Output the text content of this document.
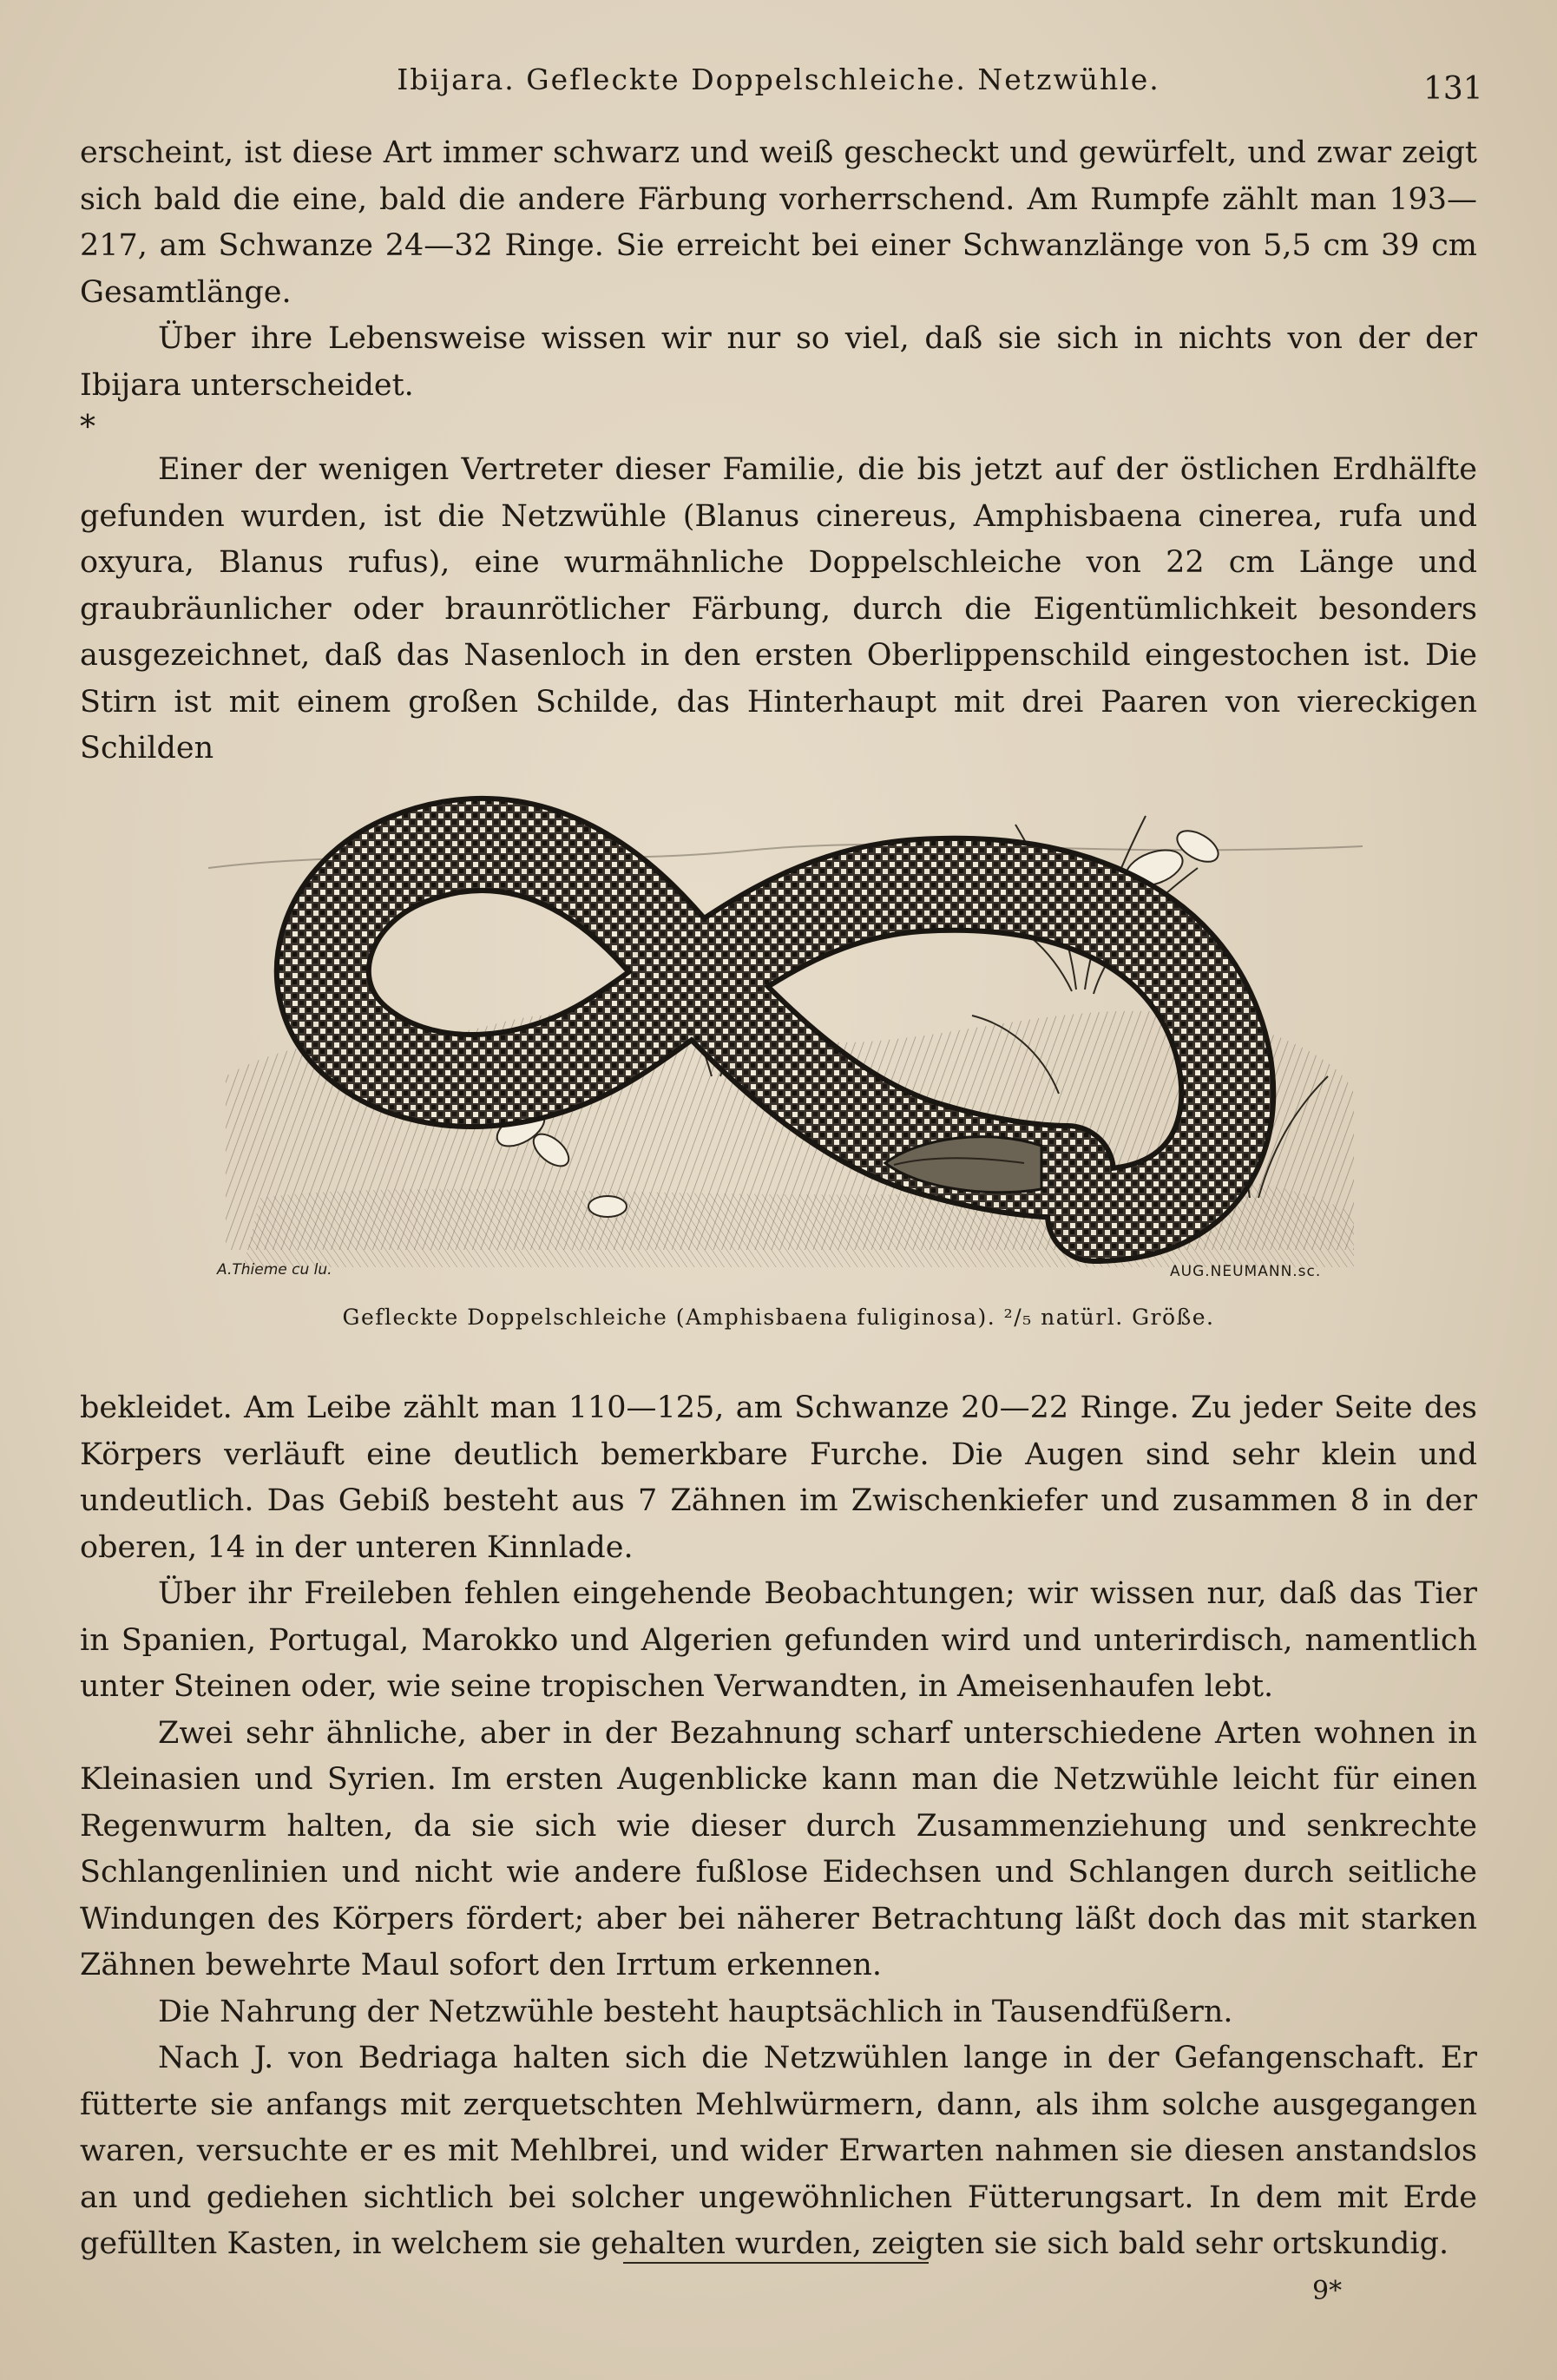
Ibijara. Gefleckte Doppelschleiche. Netzwühle.	131

erscheint, ist diese Art immer schwarz und weiß gescheckt und gewürfelt, und zwar zeigt sich bald die eine, bald die andere Färbung vorherrschend. Am Rumpfe zählt man 193—217, am Schwanze 24—32 Ringe. Sie erreicht bei einer Schwanzlänge von 5,5 cm 39 cm Gesamtlänge.

Über ihre Lebensweise wissen wir nur so viel, daß sie sich in nichts von der der Ibijara unterscheidet.

*

Einer der wenigen Vertreter dieser Familie, die bis jetzt auf der östlichen Erdhälfte gefunden wurden, ist die Netzwühle (Blanus cinereus, Amphisbaena cinerea, rufa und oxyura, Blanus rufus), eine wurmähnliche Doppelschleiche von 22 cm Länge und graubräunlicher oder braunrötlicher Färbung, durch die Eigentümlichkeit besonders ausgezeichnet, daß das Nasenloch in den ersten Oberlippenschild eingestochen ist. Die Stirn ist mit einem großen Schilde, das Hinterhaupt mit drei Paaren von viereckigen Schilden

A.Thieme cu lu.	AUG.NEUMANN.sc.
Gefleckte Doppelschleiche (Amphisbaena fuliginosa). ²/₅ natürl. Größe.

bekleidet. Am Leibe zählt man 110—125, am Schwanze 20—22 Ringe. Zu jeder Seite des Körpers verläuft eine deutlich bemerkbare Furche. Die Augen sind sehr klein und undeutlich. Das Gebiß besteht aus 7 Zähnen im Zwischenkiefer und zusammen 8 in der oberen, 14 in der unteren Kinnlade.

Über ihr Freileben fehlen eingehende Beobachtungen; wir wissen nur, daß das Tier in Spanien, Portugal, Marokko und Algerien gefunden wird und unterirdisch, namentlich unter Steinen oder, wie seine tropischen Verwandten, in Ameisenhaufen lebt.

Zwei sehr ähnliche, aber in der Bezahnung scharf unterschiedene Arten wohnen in Kleinasien und Syrien. Im ersten Augenblicke kann man die Netzwühle leicht für einen Regenwurm halten, da sie sich wie dieser durch Zusammenziehung und senkrechte Schlangenlinien und nicht wie andere fußlose Eidechsen und Schlangen durch seitliche Windungen des Körpers fördert; aber bei näherer Betrachtung läßt doch das mit starken Zähnen bewehrte Maul sofort den Irrtum erkennen.

Die Nahrung der Netzwühle besteht hauptsächlich in Tausendfüßern.

Nach J. von Bedriaga halten sich die Netzwühlen lange in der Gefangenschaft. Er fütterte sie anfangs mit zerquetschten Mehlwürmern, dann, als ihm solche ausgegangen waren, versuchte er es mit Mehlbrei, und wider Erwarten nahmen sie diesen anstandslos an und gediehen sichtlich bei solcher ungewöhnlichen Fütterungsart. In dem mit Erde gefüllten Kasten, in welchem sie gehalten wurden, zeigten sie sich bald sehr ortskundig.

9*
